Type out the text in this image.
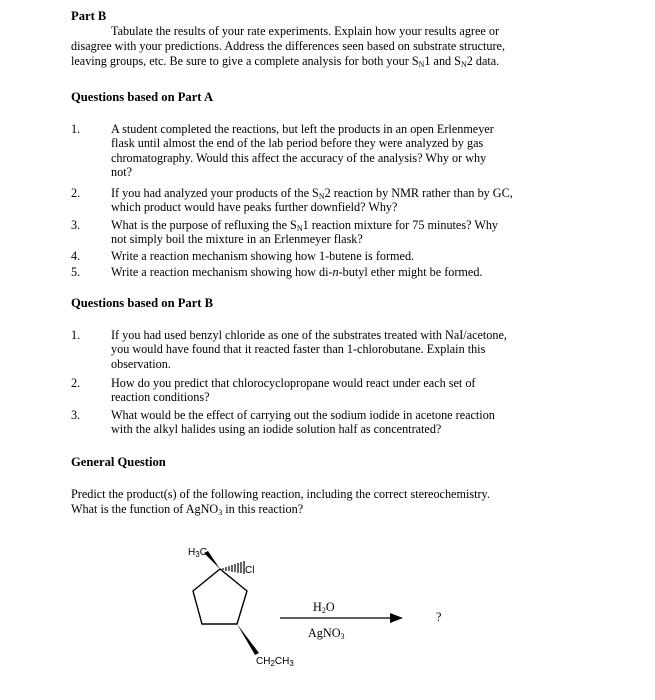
Part B
Tabulate the results of your rate experiments. Explain how your results agree or
disagree with your predictions. Address the differences seen based on substrate structure,
leaving groups, etc. Be sure to give a complete analysis for both your $S_N1$ and $S_N2$ data.
Questions based on Part A
1.	A student completed the reactions, but left the products in an open Erlenmeyer
flask until almost the end of the lab period before they were analyzed by gas
chromatography. Would this affect the accuracy of the analysis? Why or why
not?
2.	If you had analyzed your products of the $S_N2$ reaction by NMR rather than by GC,
which product would have peaks further downfield? Why?
3.	What is the purpose of refluxing the $S_N1$ reaction mixture for 75 minutes? Why
not simply boil the mixture in an Erlenmeyer flask?
4.	Write a reaction mechanism showing how 1-butene is formed.
5.	Write a reaction mechanism showing how di-n-butyl ether might be formed.
Questions based on Part B
1.	If you had used benzyl chloride as one of the substrates treated with NaI/acetone,
you would have found that it reacted faster than 1-chlorobutane. Explain this
observation.
2.	How do you predict that chlorocyclopropane would react under each set of
reaction conditions?
3.	What would be the effect of carrying out the sodium iodide in acetone reaction
with the alkyl halides using an iodide solution half as concentrated?
General Question
Predict the product(s) of the following reaction, including the correct stereochemistry.
What is the function of AgNO$_3$ in this reaction?
$H_3C$
Cl
$CH_2CH_3$
$H_2O$
AgNO$_3$
?
